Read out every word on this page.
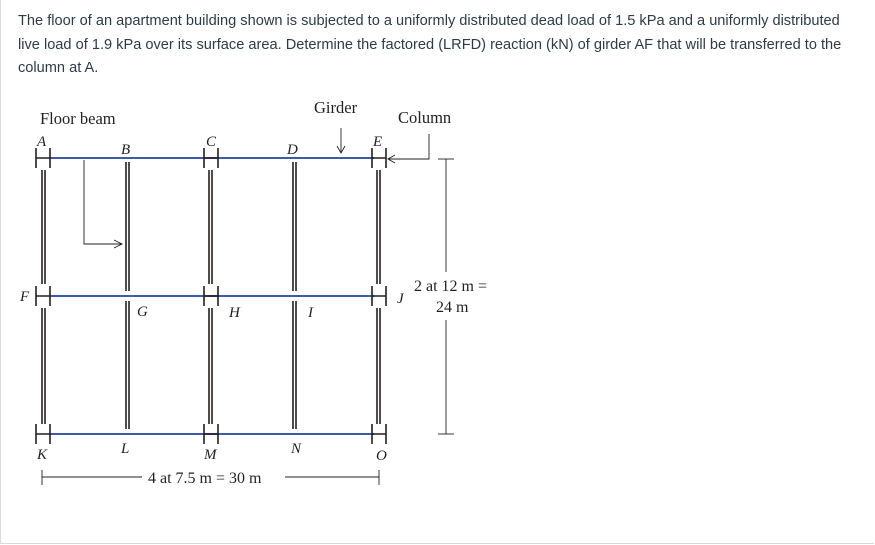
The floor of an apartment building shown is subjected to a uniformly distributed dead load of 1.5 kPa and a uniformly distributed live load of 1.9 kPa over its surface area. Determine the factored (LRFD) reaction (kN) of girder AF that will be transferred to the column at A.
Floor beam
Girder
Column
A	B	C	D	E
F
G	H	I
J
K	L	M	N	O
2 at 12 m =
24 m
4 at 7.5 m = 30 m
